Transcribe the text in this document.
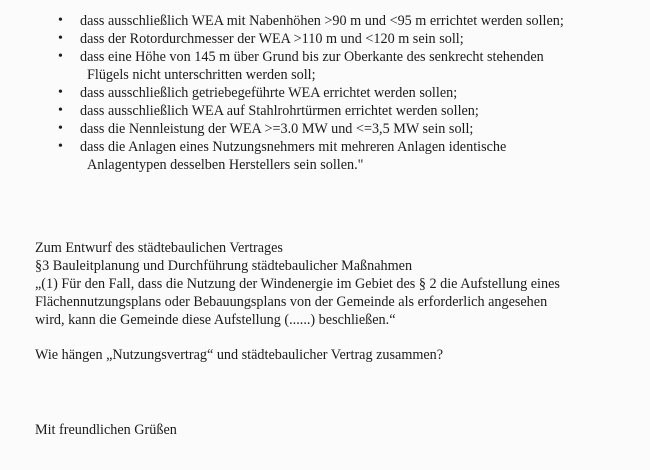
• dass ausschließlich WEA mit Nabenhöhen >90 m und <95 m errichtet werden sollen;
• dass der Rotordurchmesser der WEA >110 m und <120 m sein soll;
• dass eine Höhe von 145 m über Grund bis zur Oberkante des senkrecht stehenden
Flügels nicht unterschritten werden soll;
• dass ausschließlich getriebegeführte WEA errichtet werden sollen;
• dass ausschließlich WEA auf Stahlrohrtürmen errichtet werden sollen;
• dass die Nennleistung der WEA >=3.0 MW und <=3,5 MW sein soll;
• dass die Anlagen eines Nutzungsnehmers mit mehreren Anlagen identische
Anlagentypen desselben Herstellers sein sollen."
Zum Entwurf des städtebaulichen Vertrages
§3 Bauleitplanung und Durchführung städtebaulicher Maßnahmen
„(1) Für den Fall, dass die Nutzung der Windenergie im Gebiet des § 2 die Aufstellung eines
Flächennutzungsplans oder Bebauungsplans von der Gemeinde als erforderlich angesehen
wird, kann die Gemeinde diese Aufstellung (......) beschließen.“
Wie hängen „Nutzungsvertrag“ und städtebaulicher Vertrag zusammen?
Mit freundlichen Grüßen
